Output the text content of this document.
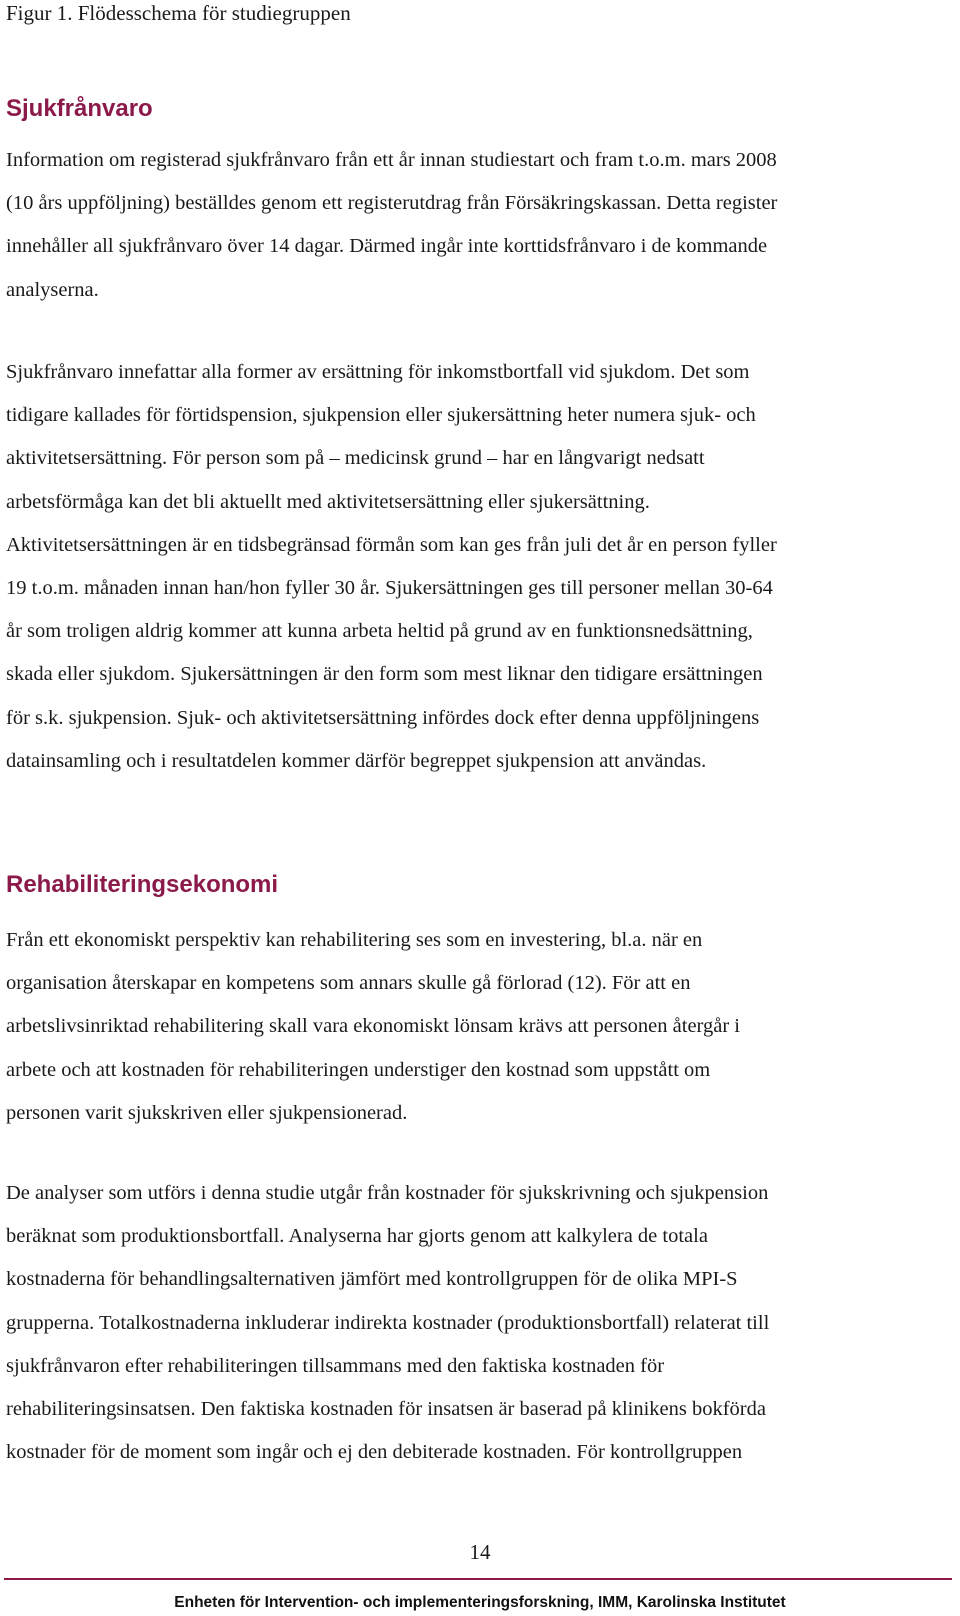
Figur 1. Flödesschema för studiegruppen
Sjukfrånvaro

Information om registerad sjukfrånvaro från ett år innan studiestart och fram t.o.m. mars 2008
(10 års uppföljning) beställdes genom ett registerutdrag från Försäkringskassan. Detta register
innehåller all sjukfrånvaro över 14 dagar. Därmed ingår inte korttidsfrånvaro i de kommande
analyserna.

Sjukfrånvaro innefattar alla former av ersättning för inkomstbortfall vid sjukdom. Det som
tidigare kallades för förtidspension, sjukpension eller sjukersättning heter numera sjuk- och
aktivitetsersättning. För person som på – medicinsk grund – har en långvarigt nedsatt
arbetsförmåga kan det bli aktuellt med aktivitetsersättning eller sjukersättning.
Aktivitetsersättningen är en tidsbegränsad förmån som kan ges från juli det år en person fyller
19 t.o.m. månaden innan han/hon fyller 30 år. Sjukersättningen ges till personer mellan 30-64
år som troligen aldrig kommer att kunna arbeta heltid på grund av en funktionsnedsättning,
skada eller sjukdom. Sjukersättningen är den form som mest liknar den tidigare ersättningen
för s.k. sjukpension. Sjuk- och aktivitetsersättning infördes dock efter denna uppföljningens
datainsamling och i resultatdelen kommer därför begreppet sjukpension att användas.

Rehabiliteringsekonomi

Från ett ekonomiskt perspektiv kan rehabilitering ses som en investering, bl.a. när en
organisation återskapar en kompetens som annars skulle gå förlorad (12). För att en
arbetslivsinriktad rehabilitering skall vara ekonomiskt lönsam krävs att personen återgår i
arbete och att kostnaden för rehabiliteringen understiger den kostnad som uppstått om
personen varit sjukskriven eller sjukpensionerad.

De analyser som utförs i denna studie utgår från kostnader för sjukskrivning och sjukpension
beräknat som produktionsbortfall. Analyserna har gjorts genom att kalkylera de totala
kostnaderna för behandlingsalternativen jämfört med kontrollgruppen för de olika MPI-S
grupperna. Totalkostnaderna inkluderar indirekta kostnader (produktionsbortfall) relaterat till
sjukfrånvaron efter rehabiliteringen tillsammans med den faktiska kostnaden för
rehabiliteringsinsatsen. Den faktiska kostnaden för insatsen är baserad på klinikens bokförda
kostnader för de moment som ingår och ej den debiterade kostnaden. För kontrollgruppen

14
Enheten för Intervention- och implementeringsforskning, IMM, Karolinska Institutet
